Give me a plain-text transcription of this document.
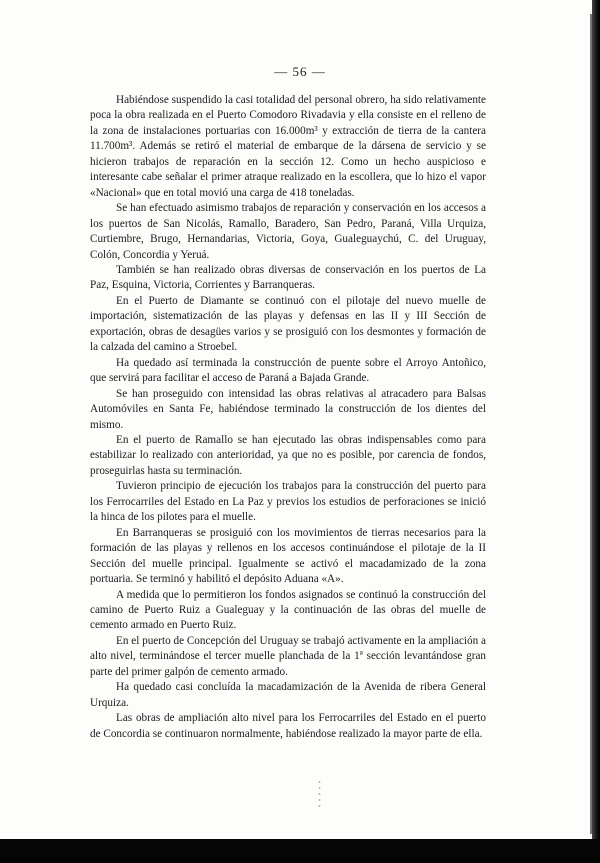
— 56 —

Habiéndose suspendido la casi totalidad del personal obrero, ha sido relativamente poca la obra realizada en el Puerto Comodoro Rivadavia y ella consiste en el relleno de la zona de instalaciones portuarias con 16.000m³ y extracción de tierra de la cantera 11.700m³. Además se retiró el material de embarque de la dársena de servicio y se hicieron trabajos de reparación en la sección 12. Como un hecho auspicioso e interesante cabe señalar el primer atraque realizado en la escollera, que lo hizo el vapor «Nacional» que en total movió una carga de 418 toneladas.

Se han efectuado asimismo trabajos de reparación y conservación en los accesos a los puertos de San Nicolás, Ramallo, Baradero, San Pedro, Paraná, Villa Urquiza, Curtiembre, Brugo, Hernandarias, Victoria, Goya, Gualeguaychú, C. del Uruguay, Colón, Concordia y Yeruá.

También se han realizado obras diversas de conservación en los puertos de La Paz, Esquina, Victoria, Corrientes y Barranqueras.

En el Puerto de Diamante se continuó con el pilotaje del nuevo muelle de importación, sistematización de las playas y defensas en las II y III Sección de exportación, obras de desagües varios y se prosiguió con los desmontes y formación de la calzada del camino a Stroebel.

Ha quedado así terminada la construcción de puente sobre el Arroyo Antoñico, que servirá para facilitar el acceso de Paraná a Bajada Grande.

Se han proseguido con intensidad las obras relativas al atracadero para Balsas Automóviles en Santa Fe, habiéndose terminado la construcción de los dientes del mismo.

En el puerto de Ramallo se han ejecutado las obras indispensables como para estabilizar lo realizado con anterioridad, ya que no es posible, por carencia de fondos, proseguirlas hasta su terminación.

Tuvieron principio de ejecución los trabajos para la construcción del puerto para los Ferrocarriles del Estado en La Paz y previos los estudios de perforaciones se inició la hinca de los pilotes para el muelle.

En Barranqueras se prosiguió con los movimientos de tierras necesarios para la formación de las playas y rellenos en los accesos continuándose el pilotaje de la II Sección del muelle principal. Igualmente se activó el macadamizado de la zona portuaria. Se terminó y habilitó el depósito Aduana «A».

A medida que lo permitieron los fondos asignados se continuó la construcción del camino de Puerto Ruiz a Gualeguay y la continuación de las obras del muelle de cemento armado en Puerto Ruiz.

En el puerto de Concepción del Uruguay se trabajó activamente en la ampliación a alto nivel, terminándose el tercer muelle planchada de la 1ª sección levantándose gran parte del primer galpón de cemento armado.

Ha quedado casi concluída la macadamización de la Avenida de ribera General Urquiza.

Las obras de ampliación alto nivel para los Ferrocarriles del Estado en el puerto de Concordia se continuaron normalmente, habiéndose realizado la mayor parte de ella.
